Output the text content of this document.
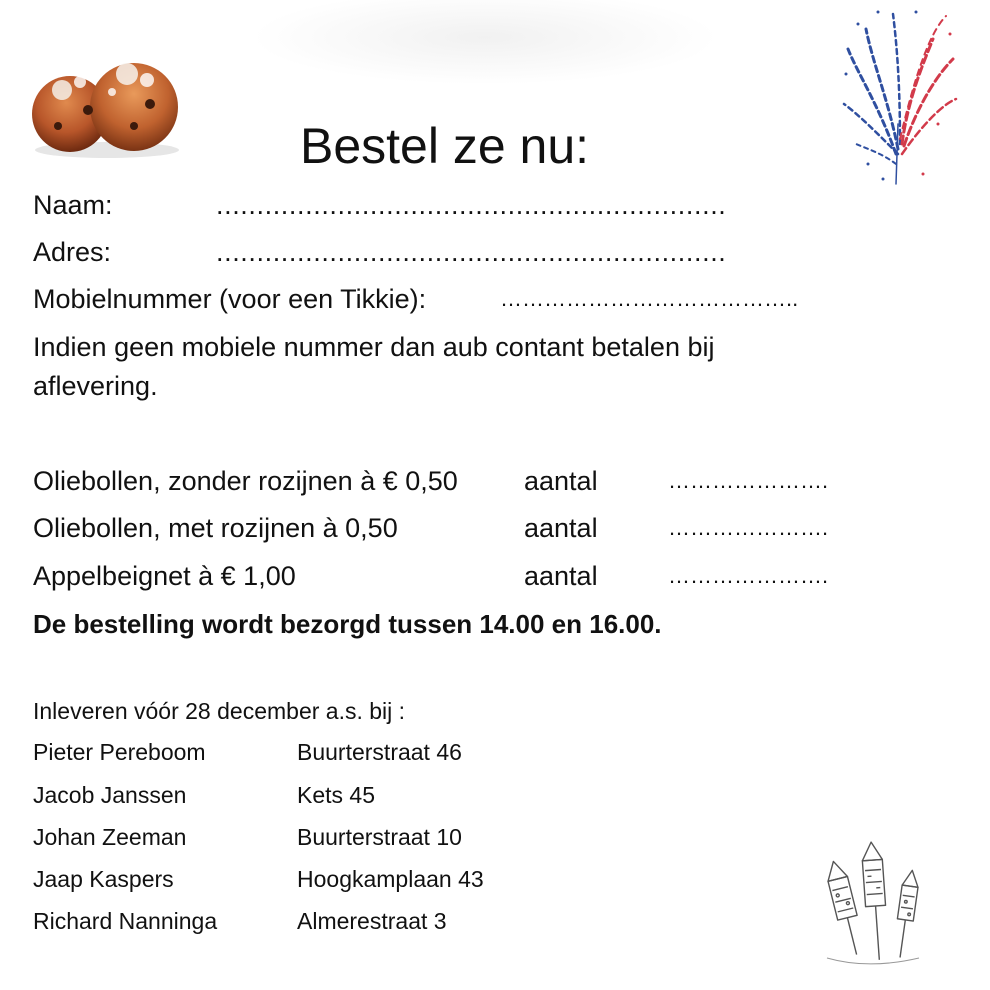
Bestel ze nu:
Naam:	...............................................................
Adres:	...............................................................
Mobielnummer (voor een Tikkie):	…………………………………..
Indien geen mobiele nummer dan aub contant betalen bij
aflevering.
Oliebollen, zonder rozijnen à € 0,50 aantal	………………….
Oliebollen, met rozijnen à 0,50	aantal	………………….
Appelbeignet à € 1,00	aantal	………………….
De bestelling wordt bezorgd tussen 14.00 en 16.00.
Inleveren vóór 28 december a.s. bij :
Pieter Pereboom	Buurterstraat 46
Jacob Janssen	Kets 45
Johan Zeeman	Buurterstraat 10
Jaap Kaspers	Hoogkamplaan 43
Richard Nanninga	Almerestraat 3
